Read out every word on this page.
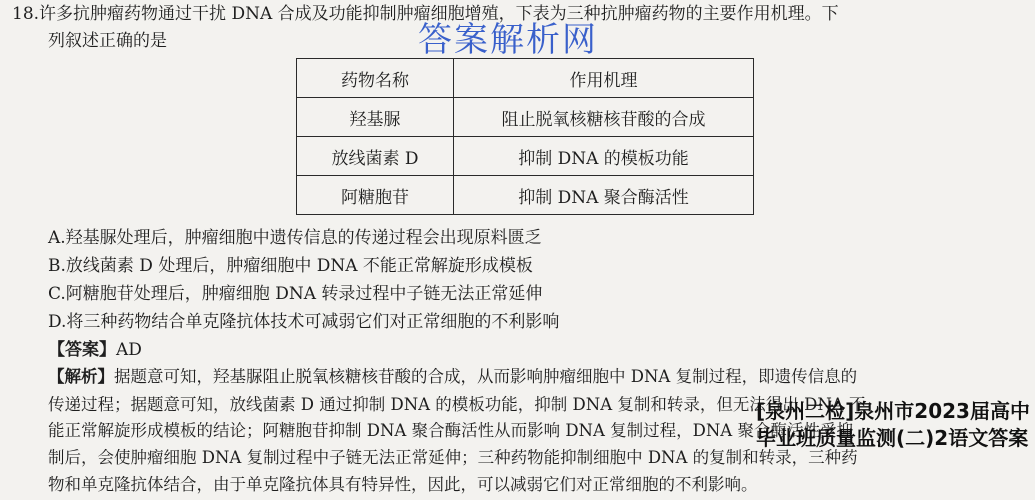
18.许多抗肿瘤药物通过干扰 DNA 合成及功能抑制肿瘤细胞增殖，下表为三种抗肿瘤药物的主要作用机理。下
列叙述正确的是	答案解析网
药物名称	作用机理
羟基脲	阻止脱氧核糖核苷酸的合成
放线菌素 D	抑制 DNA 的模板功能
阿糖胞苷	抑制 DNA 聚合酶活性
A.羟基脲处理后，肿瘤细胞中遗传信息的传递过程会出现原料匮乏
B.放线菌素 D 处理后，肿瘤细胞中 DNA 不能正常解旋形成模板
C.阿糖胞苷处理后，肿瘤细胞 DNA 转录过程中子链无法正常延伸
D.将三种药物结合单克隆抗体技术可减弱它们对正常细胞的不利影响
【答案】AD
【解析】据题意可知，羟基脲阻止脱氧核糖核苷酸的合成，从而影响肿瘤细胞中 DNA 复制过程，即遗传信息的
传递过程；据题意可知，放线菌素 D 通过抑制 DNA 的模板功能，抑制 DNA 复制和转录，但无法得出 DNA 不
能正常解旋形成模板的结论；阿糖胞苷抑制 DNA 聚合酶活性从而影响 DNA 复制过程，DNA 聚合酶活性受抑
制后，会使肿瘤细胞 DNA 复制过程中子链无法正常延伸；三种药物能抑制细胞中 DNA 的复制和转录，三种药
物和单克隆抗体结合，由于单克隆抗体具有特异性，因此，可以减弱它们对正常细胞的不利影响。
[泉州二检]泉州市2023届高中毕业班质量监测(二)2语文答案
